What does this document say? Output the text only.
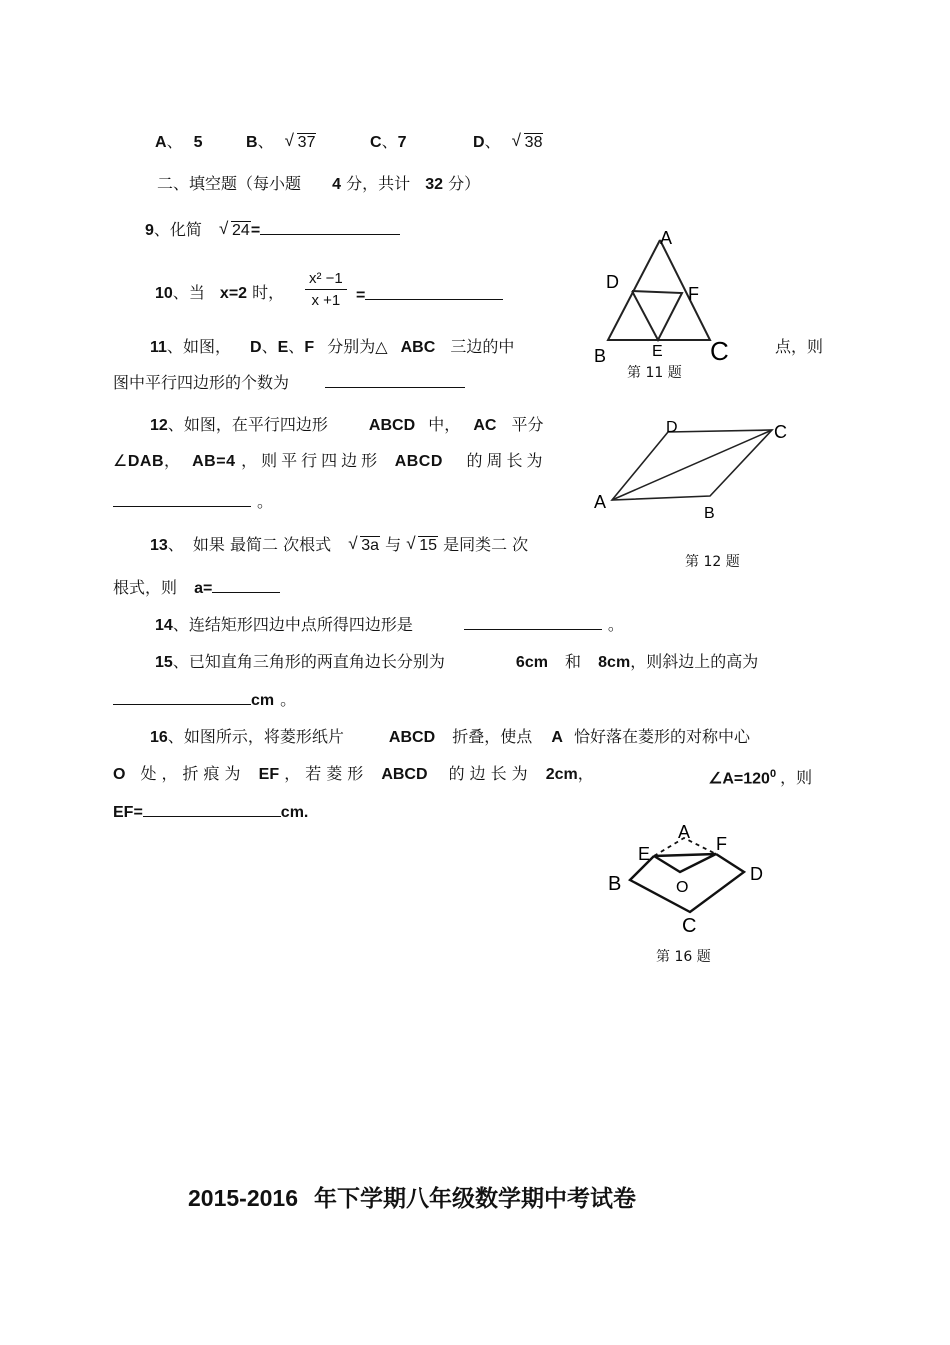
A、 5	B、 √ 37	C、7	D、 √ 38
二、填空题（每小题 4 分，共计 32 分）
9、化简 √ 24=
10、当 x=2 时， $\frac{\text{x² −1}}{x +1}$ =
11、如图， D、E、F 分别为△ ABC 三边的中	点，则
图中平行四边形的个数为
A
D
F
B	E C
第 11 题
12、如图，在平行四边形	ABCD 中， AC 平分
∠DAB， AB=4 ，则平行四边形 ABCD 的周长为
。
D	C
A
B
第 12 题
13、 如果 最简二 次根式 √ 3a 与 √ 15 是同类二 次
根式，则 a=
14、连结矩形四边中点所得四边形是	。
15、已知直角三角形的两直角边长分别为	6cm 和 8cm，则斜边上的高为
cm 。
16、如图所示，将菱形纸片	ABCD 折叠，使点 A 恰好落在菱形的对称中心
O 处，折痕为 EF ，若菱形 ABCD 的边长为 2cm，	$\angle A=120^0$ ，则
EF=	cm.
A
E	F
B	O
D
C
第 16 题
2015-2016 年下学期八年级数学期中考试卷
